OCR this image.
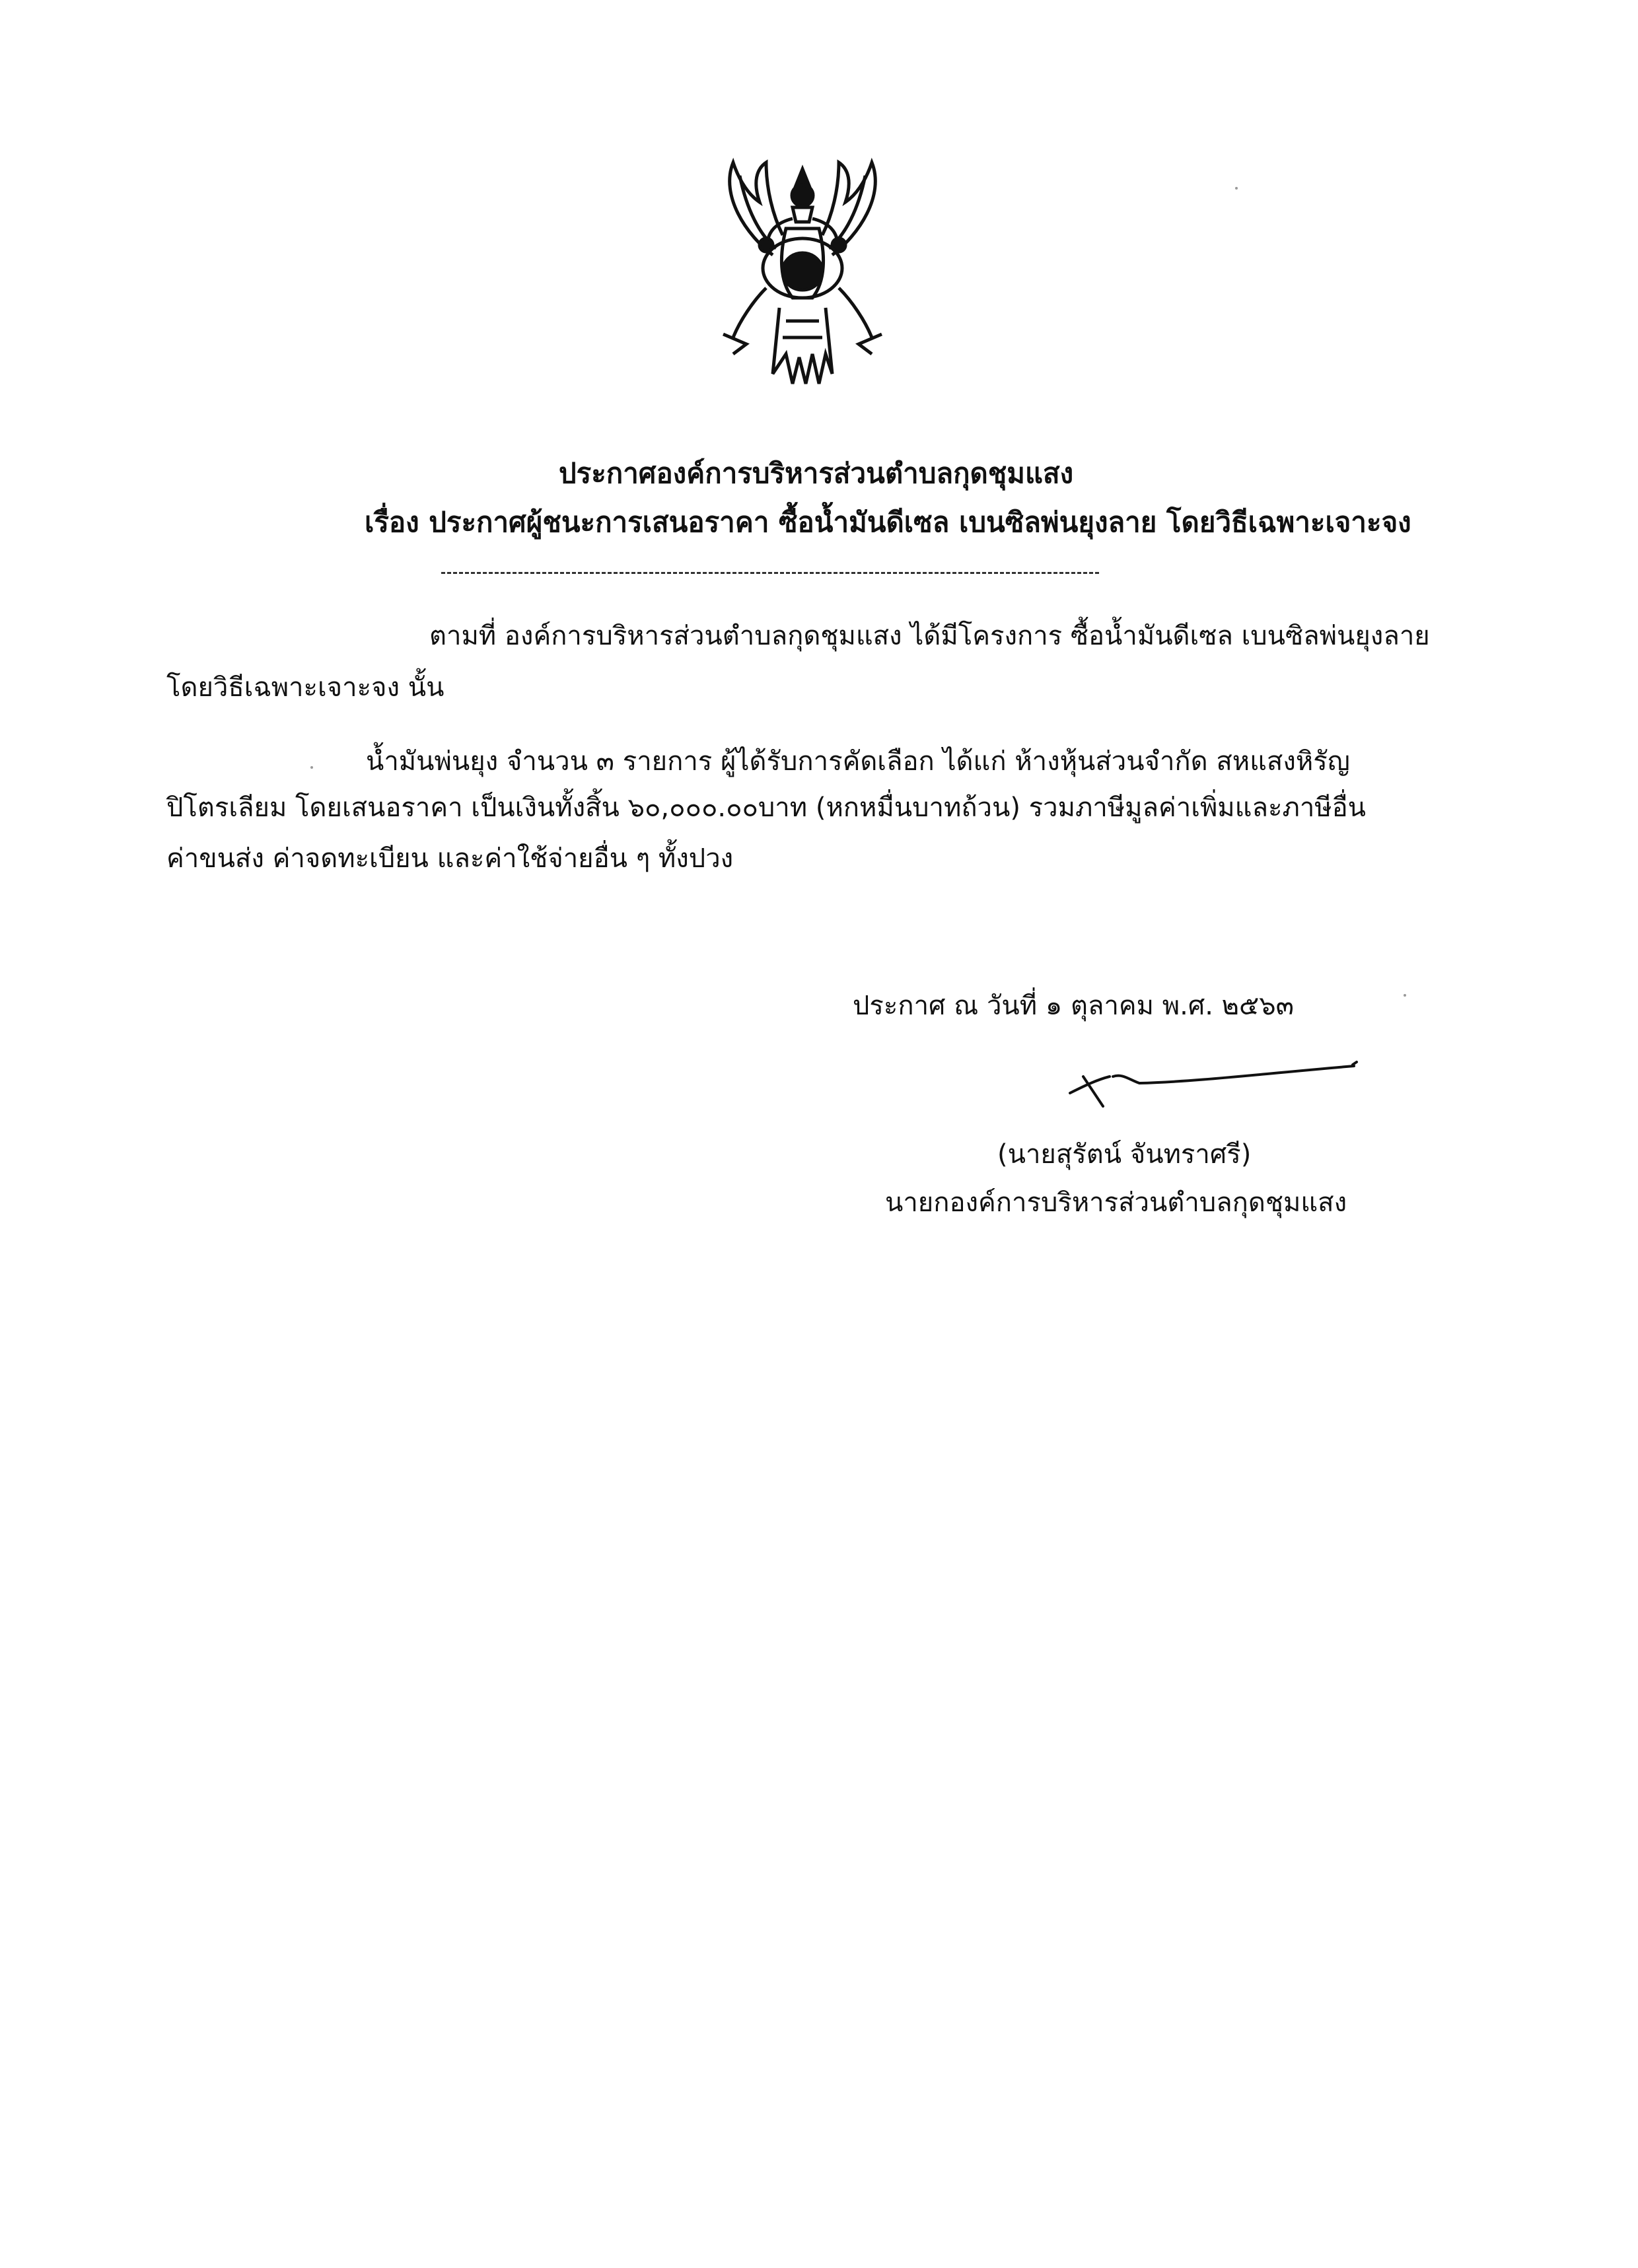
ประกาศองค์การบริหารส่วนตำบลกุดชุมแสง
เรื่อง ประกาศผู้ชนะการเสนอราคา ซื้อน้ำมันดีเซล เบนซิลพ่นยุงลาย โดยวิธีเฉพาะเจาะจง
ตามที่ องค์การบริหารส่วนตำบลกุดชุมแสง ได้มีโครงการ ซื้อน้ำมันดีเซล เบนซิลพ่นยุงลาย
โดยวิธีเฉพาะเจาะจง นั้น
น้ำมันพ่นยุง จำนวน ๓ รายการ ผู้ได้รับการคัดเลือก ได้แก่ ห้างหุ้นส่วนจำกัด สหแสงหิรัญ
ปิโตรเลียม โดยเสนอราคา เป็นเงินทั้งสิ้น ๖๐,๐๐๐.๐๐บาท (หกหมื่นบาทถ้วน) รวมภาษีมูลค่าเพิ่มและภาษีอื่น
ค่าขนส่ง ค่าจดทะเบียน และค่าใช้จ่ายอื่น ๆ ทั้งปวง
ประกาศ ณ วันที่ ๑ ตุลาคม พ.ศ. ๒๕๖๓
(นายสุรัตน์ จันทราศรี)
นายกองค์การบริหารส่วนตำบลกุดชุมแสง
